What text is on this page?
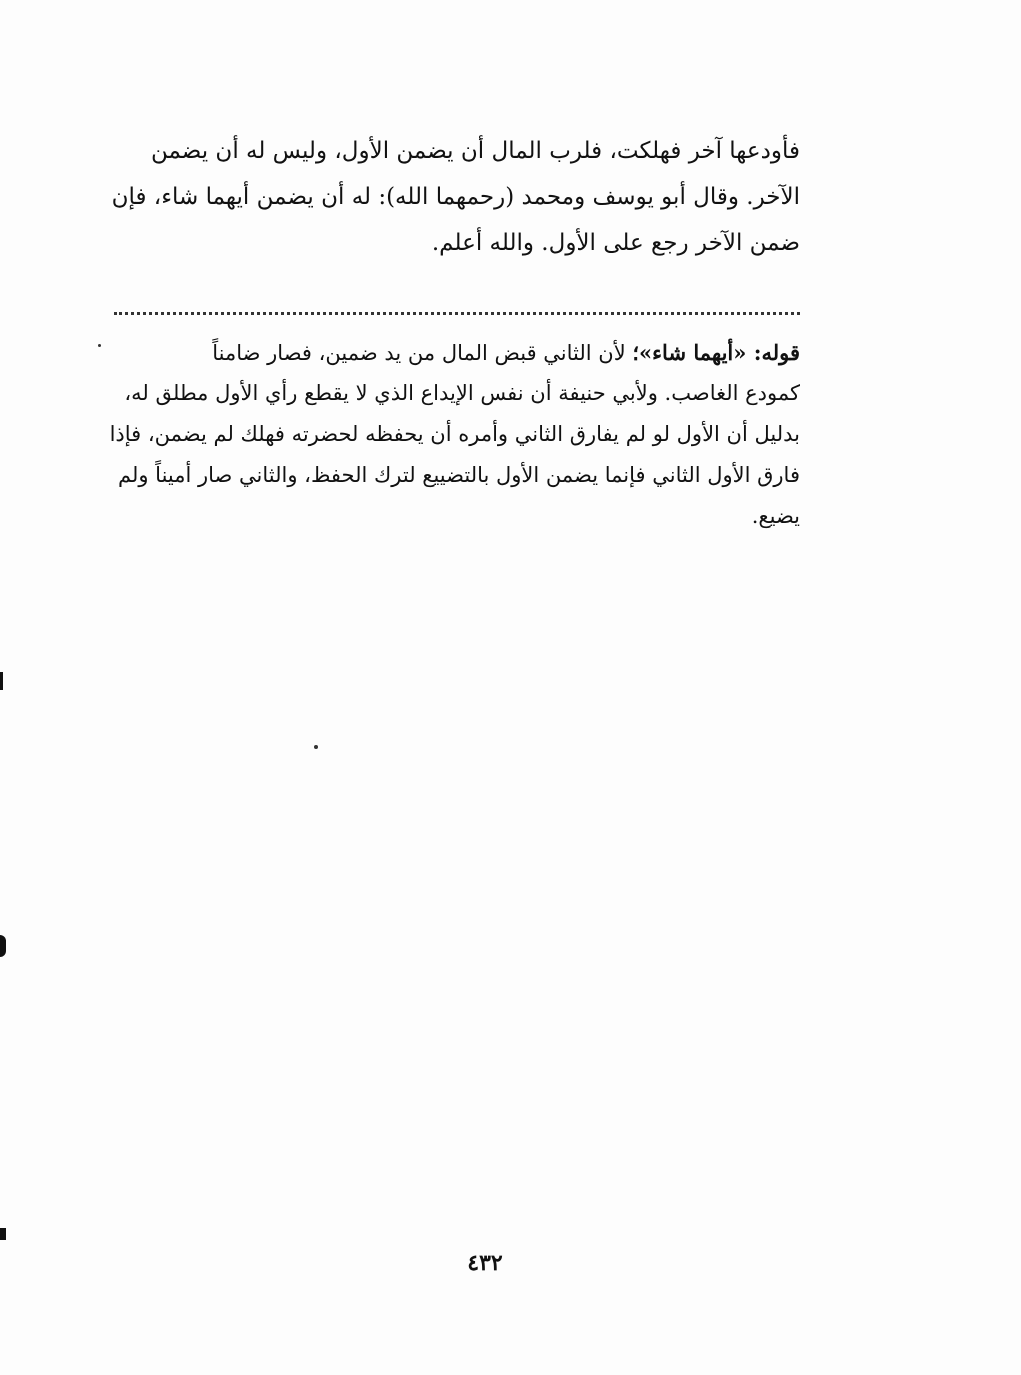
فأودعها آخر فهلكت، فلرب المال أن يضمن الأول، وليس له أن يضمن
الآخر. وقال أبو يوسف ومحمد (رحمهما الله): له أن يضمن أيهما شاء، فإن
ضمن الآخر رجع على الأول. والله أعلم.
قوله: «أيهما شاء»؛ لأن الثاني قبض المال من يد ضمين، فصار ضامناً
كمودع الغاصب. ولأبي حنيفة أن نفس الإيداع الذي لا يقطع رأي الأول مطلق له،
بدليل أن الأول لو لم يفارق الثاني وأمره أن يحفظه لحضرته فهلك لم يضمن، فإذا
فارق الأول الثاني فإنما يضمن الأول بالتضييع لترك الحفظ، والثاني صار أميناً ولم
يضيع.
٤٣٢
